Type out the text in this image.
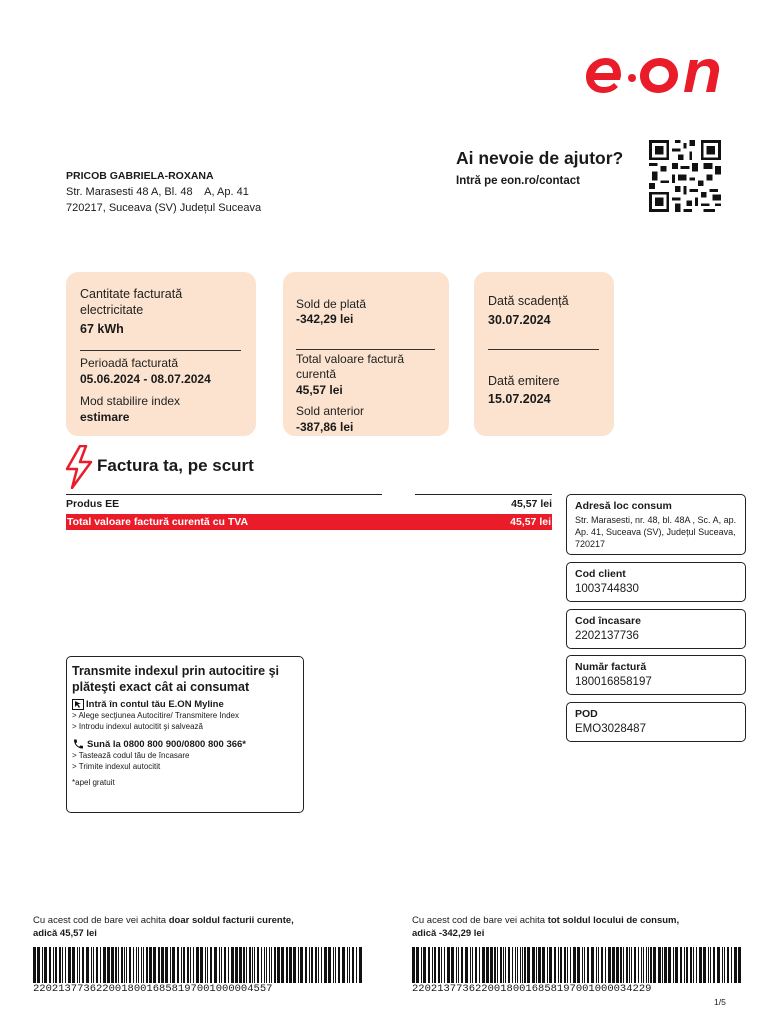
PRICOB GABRIELA-ROXANA
Str. Marasesti 48 A, Bl. 48    A, Ap. 41
720217, Suceava (SV) Județul Suceava
Ai nevoie de ajutor?
Intră pe eon.ro/contact
Cantitate facturată electricitate
67 kWh
Perioadă facturată
05.06.2024 - 08.07.2024
Mod stabilire index
estimare
Sold de plată
-342,29 lei
Total valoare factură curentă
45,57 lei
Sold anterior
-387,86 lei
Dată scadență
30.07.2024
Dată emitere
15.07.2024
Factura ta, pe scurt
Produs EE	45,57 lei
Total valoare factură curentă cu TVA	45,57 lei
Adresă loc consum
Str. Marasesti, nr. 48, bl. 48A , Sc. A, ap. Ap. 41, Suceava (SV), Județul Suceava, 720217
Cod client
1003744830
Cod încasare
2202137736
Număr factură
180016858197
POD
EMO3028487
Transmite indexul prin autocitire şi plăteşti exact cât ai consumat
Intră în contul tău E.ON Myline
> Alege secţiunea Autocitire/ Transmitere Index
> Introdu indexul autocitit şi salvează
Sună la 0800 800 900/0800 800 366*
> Tastează codul tău de încasare
> Trimite indexul autocitit
*apel gratuit
Cu acest cod de bare vei achita doar soldul facturii curente,
adică 45,57 lei
22021377362200180016858197001000004557
Cu acest cod de bare vei achita tot soldul locului de consum,
adică -342,29 lei
22021377362200180016858197001000034229
1/5
